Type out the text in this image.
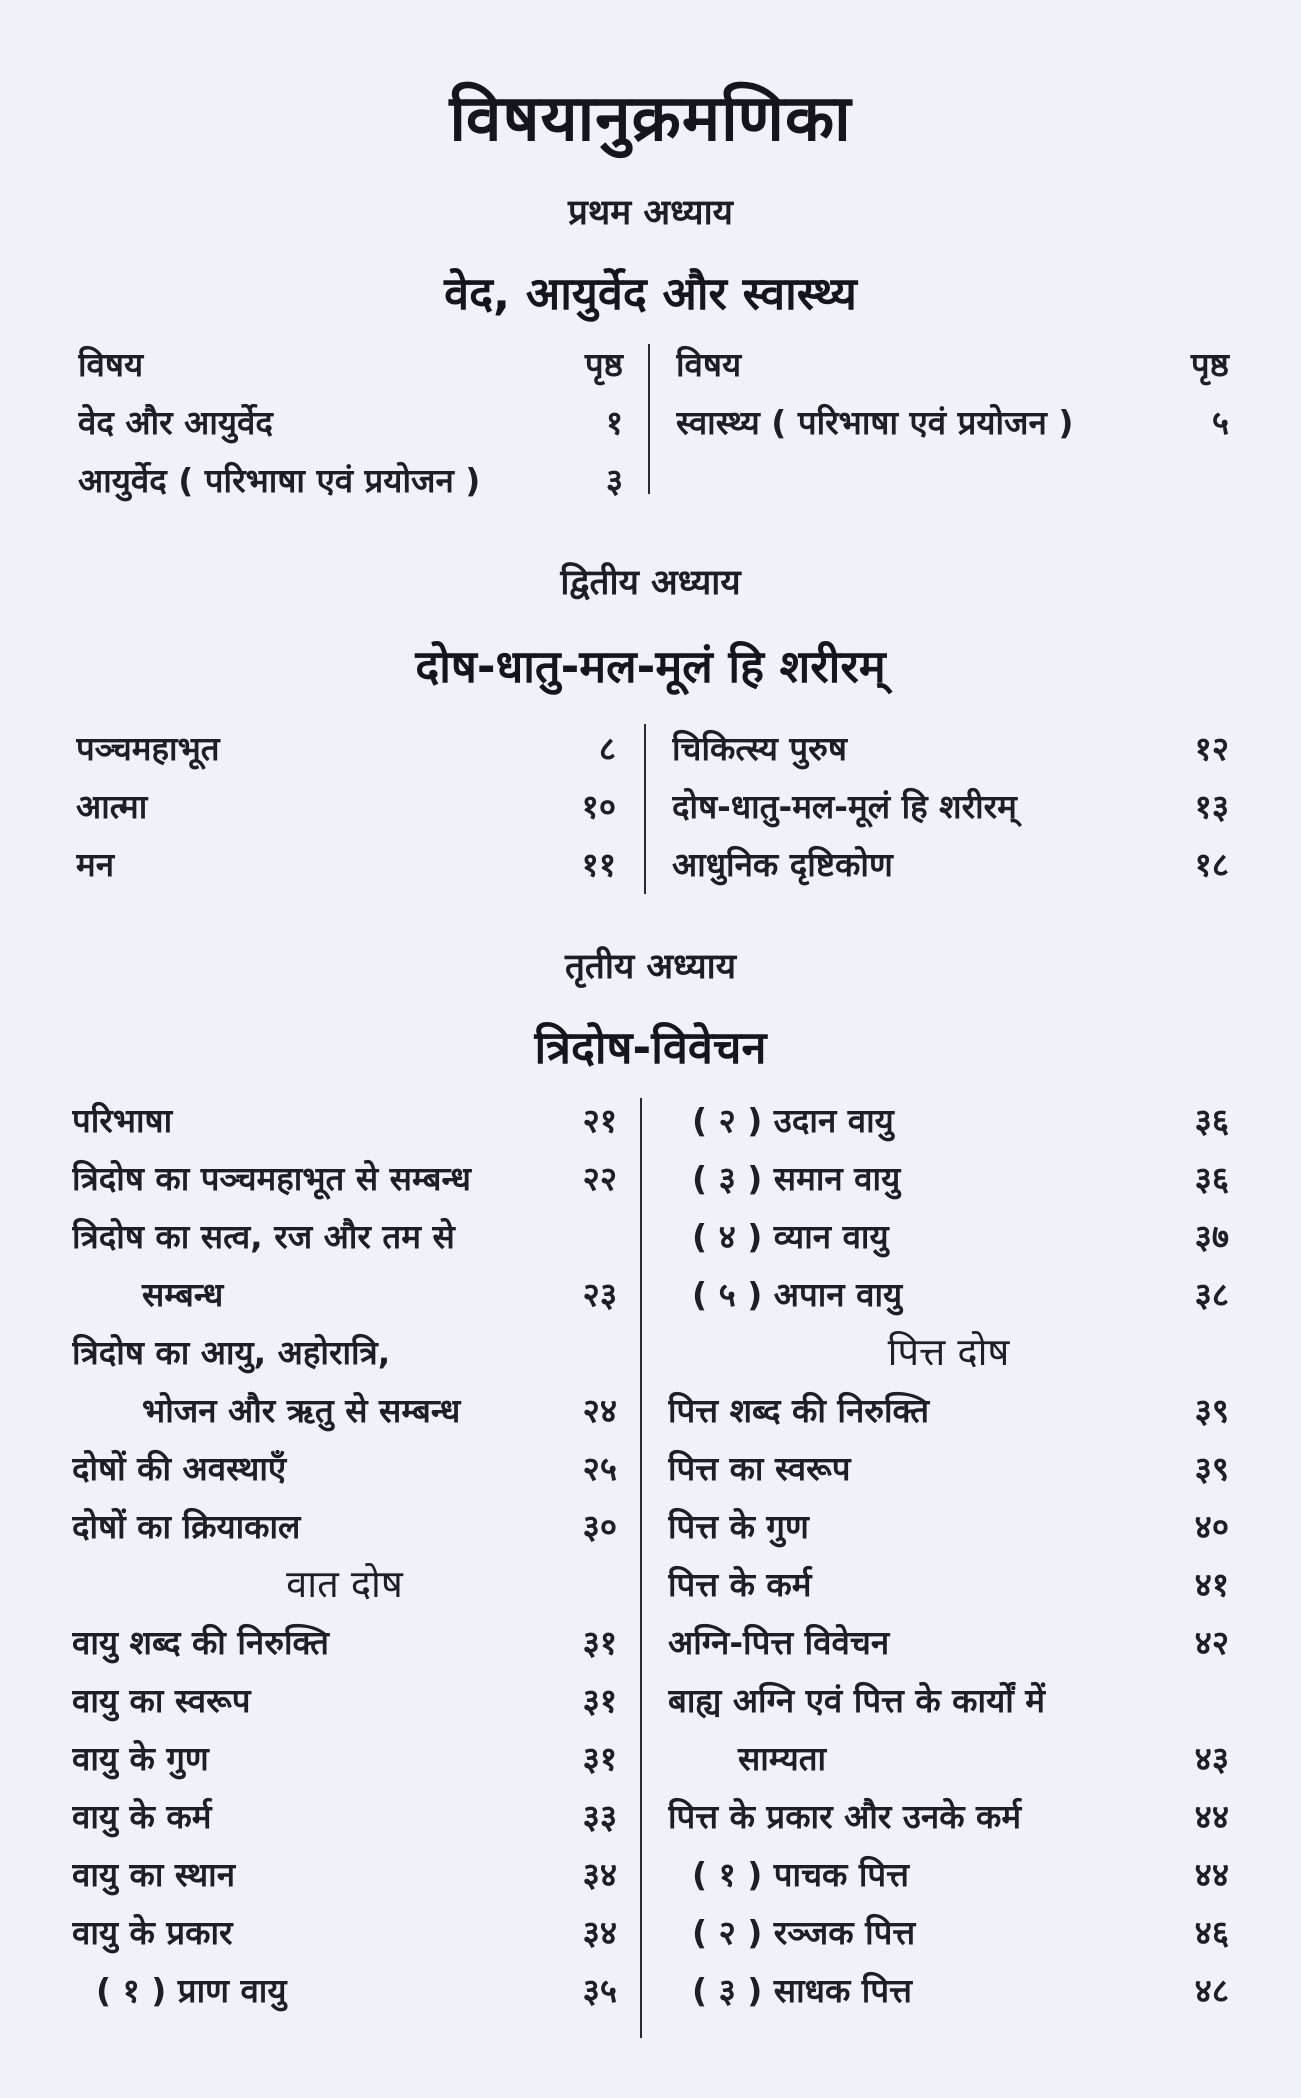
विषयानुक्रमणिका
प्रथम अध्याय
वेद, आयुर्वेद और स्वास्थ्य
विषय	पृष्ठ
वेद और आयुर्वेद	१
आयुर्वेद ( परिभाषा एवं प्रयोजन )	३
विषय	पृष्ठ
स्वास्थ्य ( परिभाषा एवं प्रयोजन )	५
द्वितीय अध्याय
दोष-धातु-मल-मूलं हि शरीरम्
पञ्चमहाभूत	८
आत्मा	१०
मन	११
चिकित्स्य पुरुष	१२
दोष-धातु-मल-मूलं हि शरीरम्	१३
आधुनिक दृष्टिकोण	१८
तृतीय अध्याय
त्रिदोष-विवेचन
परिभाषा	२१
त्रिदोष का पञ्चमहाभूत से सम्बन्ध	२२
त्रिदोष का सत्व, रज और तम से
सम्बन्ध	२३
त्रिदोष का आयु, अहोरात्रि,
भोजन और ऋतु से सम्बन्ध	२४
दोषों की अवस्थाएँ	२५
दोषों का क्रियाकाल	३०
वात दोष
वायु शब्द की निरुक्ति	३१
वायु का स्वरूप	३१
वायु के गुण	३१
वायु के कर्म	३३
वायु का स्थान	३४
वायु के प्रकार	३४
( १ ) प्राण वायु	३५
( २ ) उदान वायु	३६
( ३ ) समान वायु	३६
( ४ ) व्यान वायु	३७
( ५ ) अपान वायु	३८
पित्त दोष
पित्त शब्द की निरुक्ति	३९
पित्त का स्वरूप	३९
पित्त के गुण	४०
पित्त के कर्म	४१
अग्नि-पित्त विवेचन	४२
बाह्य अग्नि एवं पित्त के कार्यों में
साम्यता	४३
पित्त के प्रकार और उनके कर्म	४४
( १ ) पाचक पित्त	४४
( २ ) रञ्जक पित्त	४६
( ३ ) साधक पित्त	४८
